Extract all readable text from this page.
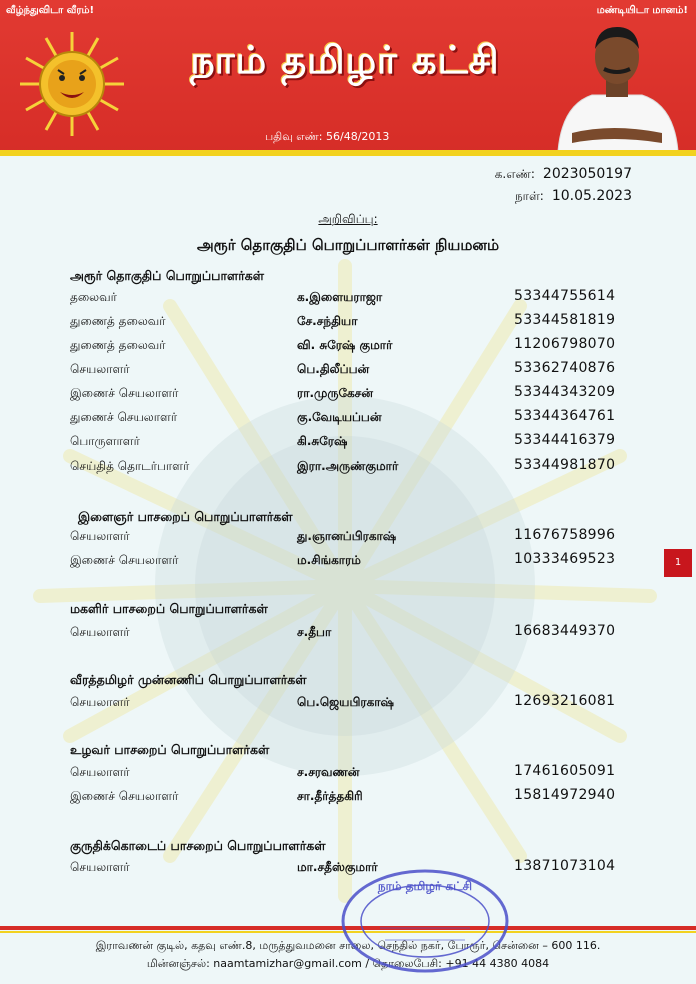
வீழ்ந்துவிடா வீரம்!	மண்டியிடா மானம்!
நாம் தமிழர் கட்சி
பதிவு எண்: 56/48/2013
க.எண்: 2023050197
நாள்: 10.05.2023
அறிவிப்பு:
அரூர் தொகுதிப் பொறுப்பாளர்கள் நியமனம்
அரூர் தொகுதிப் பொறுப்பாளர்கள்
தலைவர்	க.இளையராஜா	53344755614
துணைத் தலைவர்	சே.சந்தியா	53344581819
துணைத் தலைவர்	வி. சுரேஷ் குமார்	11206798070
செயலாளர்	பெ.திலீப்பன்	53362740876
இணைச் செயலாளர்	ரா.முருகேசன்	53344343209
துணைச் செயலாளர்	கு.வேடியப்பன்	53344364761
பொருளாளர்	கி.சுரேஷ்	53344416379
செய்தித் தொடர்பாளர்	இரா.அருண்குமார்	53344981870
இளைஞர் பாசறைப் பொறுப்பாளர்கள்
செயலாளர்	து.ஞானப்பிரகாஷ்	11676758996
இணைச் செயலாளர்	ம.சிங்காரம்	10333469523
மகளிர் பாசறைப் பொறுப்பாளர்கள்
செயலாளர்	ச.தீபா	16683449370
வீரத்தமிழர் முன்னணிப் பொறுப்பாளர்கள்
செயலாளர்	பெ.ஜெயபிரகாஷ்	12693216081
உழவர் பாசறைப் பொறுப்பாளர்கள்
செயலாளர்	ச.சரவணன்	17461605091
இணைச் செயலாளர்	சா.தீர்த்தகிரி	15814972940
குருதிக்கொடைப் பாசறைப் பொறுப்பாளர்கள்
செயலாளர்	மா.சதீஸ்குமார்	13871073104
1
இராவணன் குடில், கதவு எண்.8, மருத்துவமனை சாலை, செந்தில் நகர், போரூர், சென்னை – 600 116.
மின்னஞ்சல்: naamtamizhar@gmail.com / தொலைபேசி: +91 44 4380 4084
நாம் தமிழர் கட்சி
